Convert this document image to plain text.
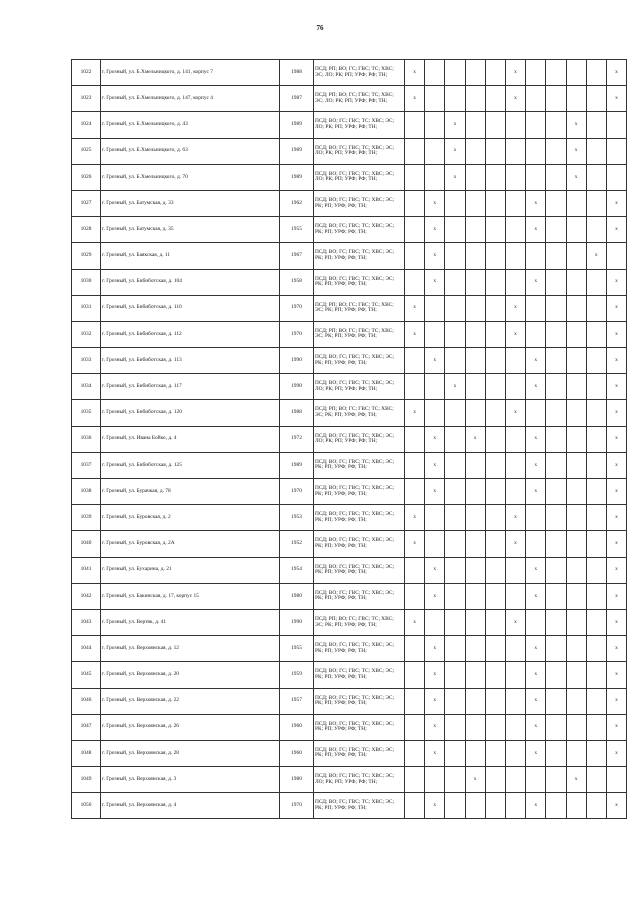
76
1022	г. Грозный, ул. Б.Хмельницкого, д. 141, корпус 7	1988	ПСД; РП; ВО; ГС; ГВС; ТС; ХВС; ЭС; ЛО; РК; РП; УРФ; РФ; ТН;	x					x					x
1023	г. Грозный, ул. Б.Хмельницкого, д. 147, корпус 4	1987	ПСД; РП; ВО; ГС; ГВС; ТС; ХВС; ЭС; ЛО; РК; РП; УРФ; РФ; ТН;	x					x					x
1024	г. Грозный, ул. Б.Хмельницкого, д. 43	1989	ПСД; ВО; ГС; ГВС; ТС; ХВС; ЭС; ЛО; РК; РП; УРФ; РФ; ТН;			x						x		
1025	г. Грозный, ул. Б.Хмельницкого, д. 63	1989	ПСД; ВО; ГС; ГВС; ТС; ХВС; ЭС; ЛО; РК; РП; УРФ; РФ; ТН;			x						x		
1026	г. Грозный, ул. Б.Хмельницкого, д. 70	1989	ПСД; ВО; ГС; ГВС; ТС; ХВС; ЭС; ЛО; РК; РП; УРФ; РФ; ТН;			x						x		
1027	г. Грозный, ул. Батумская, д. 33	1962	ПСД; ВО; ГС; ГВС; ТС; ХВС; ЭС; РК; РП; УРФ; РФ; ТН;		x					x				x
1028	г. Грозный, ул. Батумская, д. 35	1955	ПСД; ВО; ГС; ГВС; ТС; ХВС; ЭС; РК; РП; УРФ; РФ; ТН;		x					x				x
1029	г. Грозный, ул. Баякская, д. 11	1967	ПСД; ВО; ГС; ГВС; ТС; ХВС; ЭС; РК; РП; УРФ; РФ; ТН;		x								x	
1030	г. Грозный, ул. Бибиботская, д. 104	1958	ПСД; ВО; ГС; ГВС; ТС; ХВС; ЭС; РК; РП; УРФ; РФ; ТН;		x					x				x
1031	г. Грозный, ул. Бибиботская, д. 110	1970	ПСД; РП; ВО; ГС; ГВС; ТС; ХВС; ЭС; РК; РП; УРФ; РФ; ТН;	x					x					x
1032	г. Грозный, ул. Бибиботская, д. 112	1970	ПСД; РП; ВО; ГС; ГВС; ТС; ХВС; ЭС; РК; РП; УРФ; РФ; ТН;	x					x					x
1033	г. Грозный, ул. Бибиботская, д. 113	1990	ПСД; ВО; ГС; ГВС; ТС; ХВС; ЭС; РК; РП; УРФ; РФ; ТН;		x					x				x
1034	г. Грозный, ул. Бибиботская, д. 117	1990	ПСД; ВО; ГС; ГВС; ТС; ХВС; ЭС; ЛО; РК; РП; УРФ; РФ; ТН;			x				x				x
1035	г. Грозный, ул. Бибиботская, д. 120	1988	ПСД; РП; ВО; ГС; ГВС; ТС; ХВС; ЭС; РК; РП; УРФ; РФ; ТН;	x					x					x
1036	г. Грозный, ул. Ивана Бойко, д. 4	1972	ПСД; ВО; ГС; ГВС; ТС; ХВС; ЭС; ЛО; РК; РП; УРФ; РФ; ТН;		x		x			x				x
1037	г. Грозный, ул. Бибиботская, д. 125	1989	ПСД; ВО; ГС; ГВС; ТС; ХВС; ЭС; РК; РП; УРФ; РФ; ТН;		x					x				x
1038	г. Грозный, ул. Бурачкая, д. 78	1970	ПСД; ВО; ГС; ГВС; ТС; ХВС; ЭС; РК; РП; УРФ; РФ; ТН;		x					x				x
1039	г. Грозный, ул. Буровская, д. 2	1953	ПСД; ВО; ГС; ГВС; ТС; ХВС; ЭС; РК; РП; УРФ; РФ; ТН;	x					x					x
1040	г. Грозный, ул. Буровская, д. 2А	1952	ПСД; ВО; ГС; ГВС; ТС; ХВС; ЭС; РК; РП; УРФ; РФ; ТН;	x					x					x
1041	г. Грозный, ул. Бухарина, д. 21	1954	ПСД; ВО; ГС; ГВС; ТС; ХВС; ЭС; РК; РП; УРФ; РФ; ТН;		x					x				x
1042	г. Грозный, ул. Бакинская, д. 17, корпус 15	1980	ПСД; ВО; ГС; ГВС; ТС; ХВС; ЭС; РК; РП; УРФ; РФ; ТН;		x					x				x
1043	г. Грозный, ул. Вертяк, д. 41	1990	ПСД; РП; ВО; ГС; ГВС; ТС; ХВС; ЭС; РК; РП; УРФ; РФ; ТН;	x					x					x
1044	г. Грозный, ул. Верхоянская, д. 12	1955	ПСД; ВО; ГС; ГВС; ТС; ХВС; ЭС; РК; РП; УРФ; РФ; ТН;		x					x				x
1045	г. Грозный, ул. Верхоянская, д. 20	1959	ПСД; ВО; ГС; ГВС; ТС; ХВС; ЭС; РК; РП; УРФ; РФ; ТН;		x					x				x
1046	г. Грозный, ул. Верхоянская, д. 22	1957	ПСД; ВО; ГС; ГВС; ТС; ХВС; ЭС; РК; РП; УРФ; РФ; ТН;		x					x				x
1047	г. Грозный, ул. Верхоянская, д. 26	1960	ПСД; ВО; ГС; ГВС; ТС; ХВС; ЭС; РК; РП; УРФ; РФ; ТН;		x					x				x
1048	г. Грозный, ул. Верхоянская, д. 28	1960	ПСД; ВО; ГС; ГВС; ТС; ХВС; ЭС; РК; РП; УРФ; РФ; ТН;		x					x				x
1049	г. Грозный, ул. Верхоянская, д. 3	1980	ПСД; ВО; ГС; ГВС; ТС; ХВС; ЭС; ЛО; РК; РП; УРФ; РФ; ТН;				x					x		
1050	г. Грозный, ул. Верхоянская, д. 4	1970	ПСД; ВО; ГС; ГВС; ТС; ХВС; ЭС; РК; РП; УРФ; РФ; ТН;		x					x				x
